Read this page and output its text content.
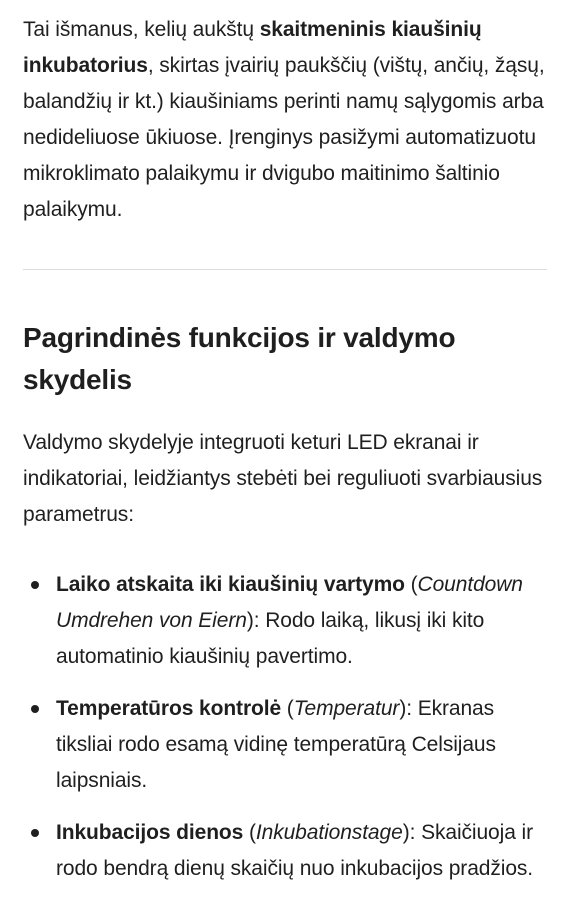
Tai išmanus, kelių aukštų skaitmeninis kiaušinių inkubatorius, skirtas įvairių paukščių (vištų, ančių, žąsų, balandžių ir kt.) kiaušiniams perinti namų sąlygomis arba nedideliuose ūkiuose. Įrenginys pasižymi automatizuotu mikroklimato palaikymu ir dvigubo maitinimo šaltinio palaikymu.

Pagrindinės funkcijos ir valdymo skydelis

Valdymo skydelyje integruoti keturi LED ekranai ir indikatoriai, leidžiantys stebėti bei reguliuoti svarbiausius parametrus:

Laiko atskaita iki kiaušinių vartymo (Countdown Umdrehen von Eiern): Rodo laiką, likusį iki kito automatinio kiaušinių pavertimo.
Temperatūros kontrolė (Temperatur): Ekranas tiksliai rodo esamą vidinę temperatūrą Celsijaus laipsniais.
Inkubacijos dienos (Inkubationstage): Skaičiuoja ir rodo bendrą dienų skaičių nuo inkubacijos pradžios.
